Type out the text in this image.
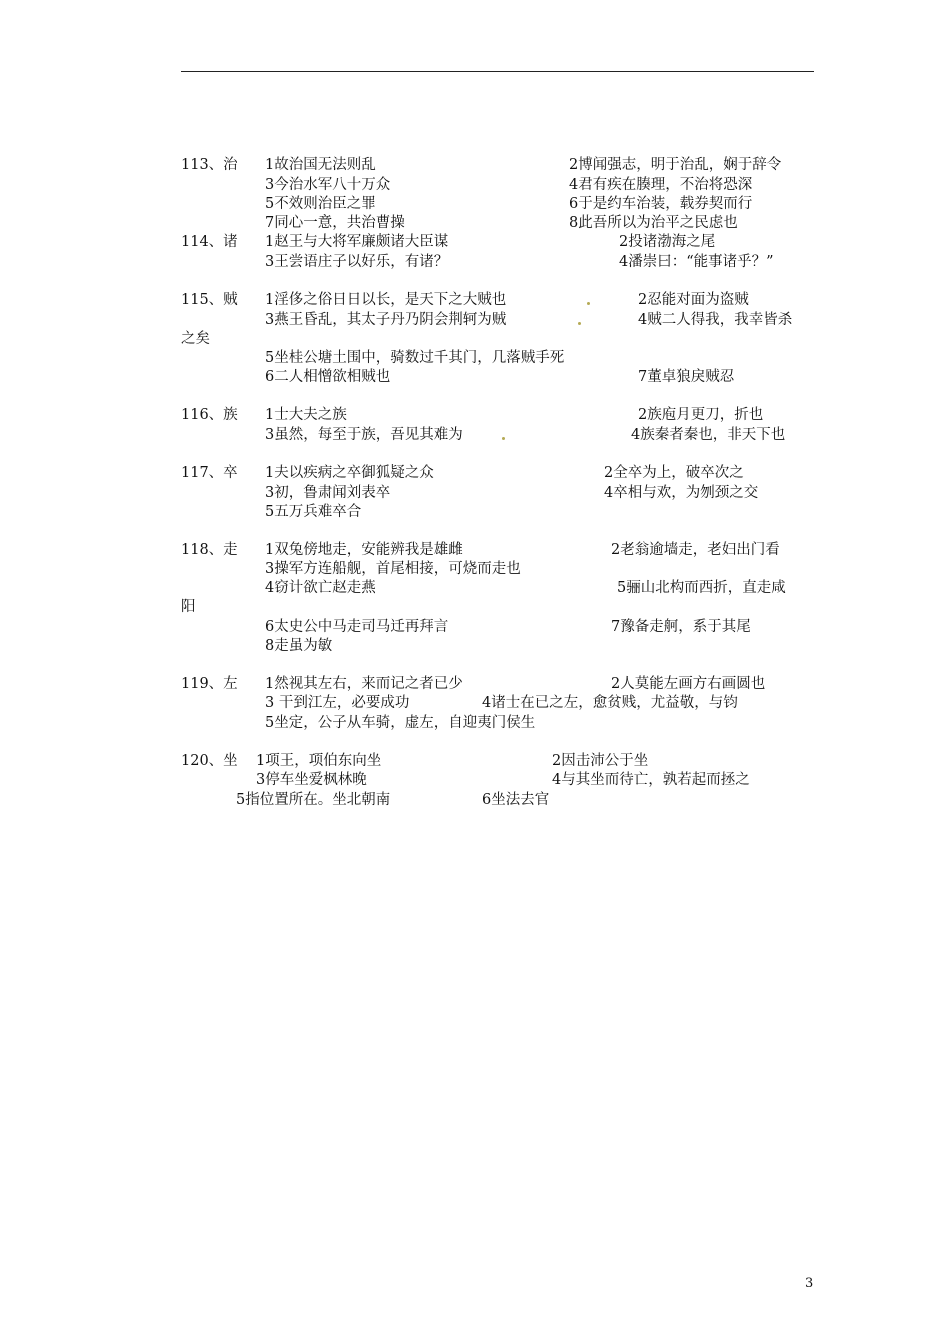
113、治 1故治国无法则乱	2博闻强志，明于治乱，娴于辞令
3今治水军八十万众	4君有疾在腠理，不治将恐深
5不效则治臣之罪	6于是约车治装，载券契而行
7同心一意，共治曹操	8此吾所以为治平之民虑也
114、诸 1赵王与大将军廉颇诸大臣谋	2投诸渤海之尾
3王尝语庄子以好乐，有诸？	4潘崇曰：“能事诸乎？”
115、贼 1淫侈之俗日日以长，是天下之大贼也	2忍能对面为盗贼
3燕王昏乱，其太子丹乃阴会荆轲为贼	4贼二人得我，我幸皆杀
之矣
5坐桂公塘土围中，骑数过千其门，几落贼手死
6二人相憎欲相贼也	7董卓狼戾贼忍
116、族 1士大夫之族	2族庖月更刀，折也
3虽然，每至于族，吾见其难为	4族秦者秦也，非天下也
117、卒 1夫以疾病之卒御狐疑之众	2全卒为上，破卒次之
3初，鲁肃闻刘表卒	4卒相与欢，为刎颈之交
5五万兵难卒合
118、走 1双兔傍地走，安能辨我是雄雌	2老翁逾墙走，老妇出门看
3操军方连船舰，首尾相接，可烧而走也
4窃计欲亡赵走燕	5骊山北构而西折，直走咸
阳
6太史公中马走司马迁再拜言	7豫备走舸，系于其尾
8走虽为敏
119、左 1然视其左右，来而记之者已少	2人莫能左画方右画圆也
3 干到江左，必要成功	4诸士在已之左，愈贫贱，尤益敬，与钧
5坐定，公子从车骑，虚左，自迎夷门侯生
120、坐 1项王，项伯东向坐	2因击沛公于坐
3停车坐爱枫林晚	4与其坐而待亡，孰若起而拯之
5指位置所在。坐北朝南	6坐法去官
3
